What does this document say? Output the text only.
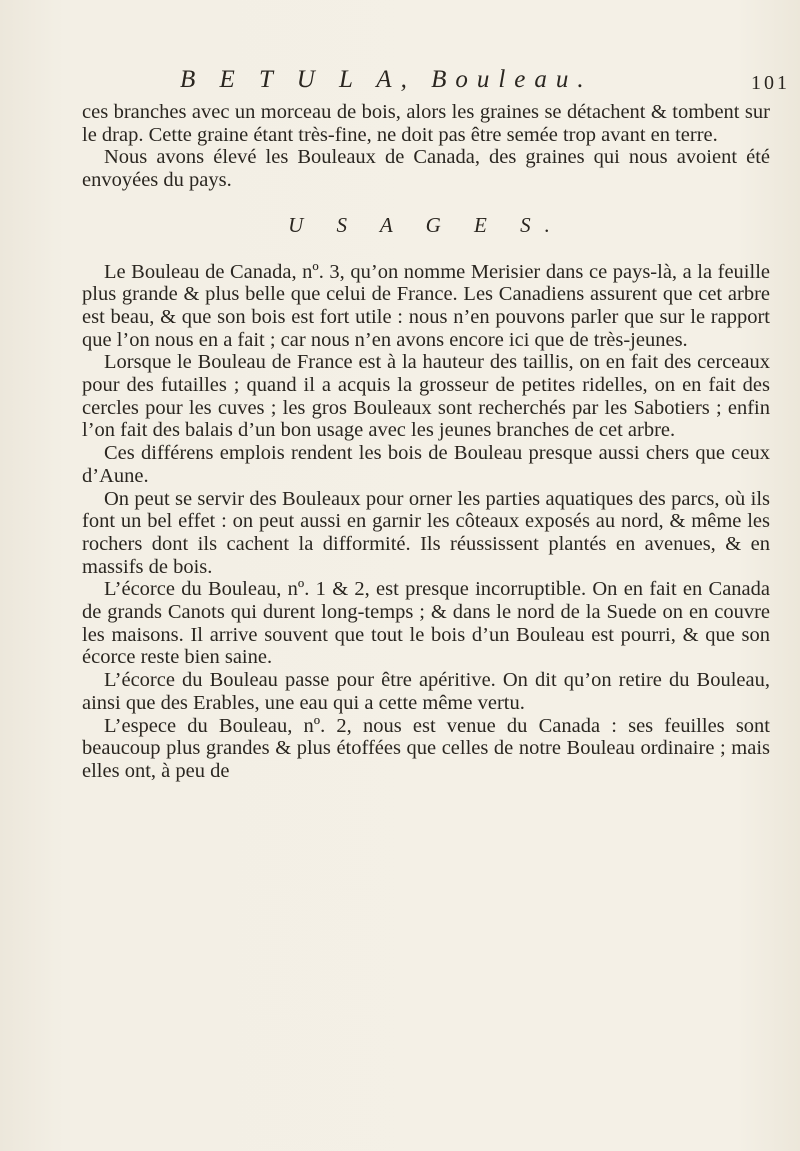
B E T U L A, Bouleau.	101

ces branches avec un morceau de bois, alors les graines se détachent & tombent sur le drap. Cette graine étant très-fine, ne doit pas être semée trop avant en terre.

Nous avons élevé les Bouleaux de Canada, des graines qui nous avoient été envoyées du pays.

U S A G E S.

Le Bouleau de Canada, nº. 3, qu’on nomme Merisier dans ce pays-là, a la feuille plus grande & plus belle que celui de France. Les Canadiens assurent que cet arbre est beau, & que son bois est fort utile : nous n’en pouvons parler que sur le rapport que l’on nous en a fait ; car nous n’en avons encore ici que de très-jeunes.

Lorsque le Bouleau de France est à la hauteur des taillis, on en fait des cerceaux pour des futailles ; quand il a acquis la grosseur de petites ridelles, on en fait des cercles pour les cuves ; les gros Bouleaux sont recherchés par les Sabotiers ; enfin l’on fait des balais d’un bon usage avec les jeunes branches de cet arbre.

Ces différens emplois rendent les bois de Bouleau presque aussi chers que ceux d’Aune.

On peut se servir des Bouleaux pour orner les parties aquatiques des parcs, où ils font un bel effet : on peut aussi en garnir les côteaux exposés au nord, & même les rochers dont ils cachent la difformité. Ils réussissent plantés en avenues, & en massifs de bois.

L’écorce du Bouleau, nº. 1 & 2, est presque incorruptible. On en fait en Canada de grands Canots qui durent long-temps ; & dans le nord de la Suede on en couvre les maisons. Il arrive souvent que tout le bois d’un Bouleau est pourri, & que son écorce reste bien saine.

L’écorce du Bouleau passe pour être apéritive. On dit qu’on retire du Bouleau, ainsi que des Erables, une eau qui a cette même vertu.

L’espece du Bouleau, nº. 2, nous est venue du Canada : ses feuilles sont beaucoup plus grandes & plus étoffées que celles de notre Bouleau ordinaire ; mais elles ont, à peu de
